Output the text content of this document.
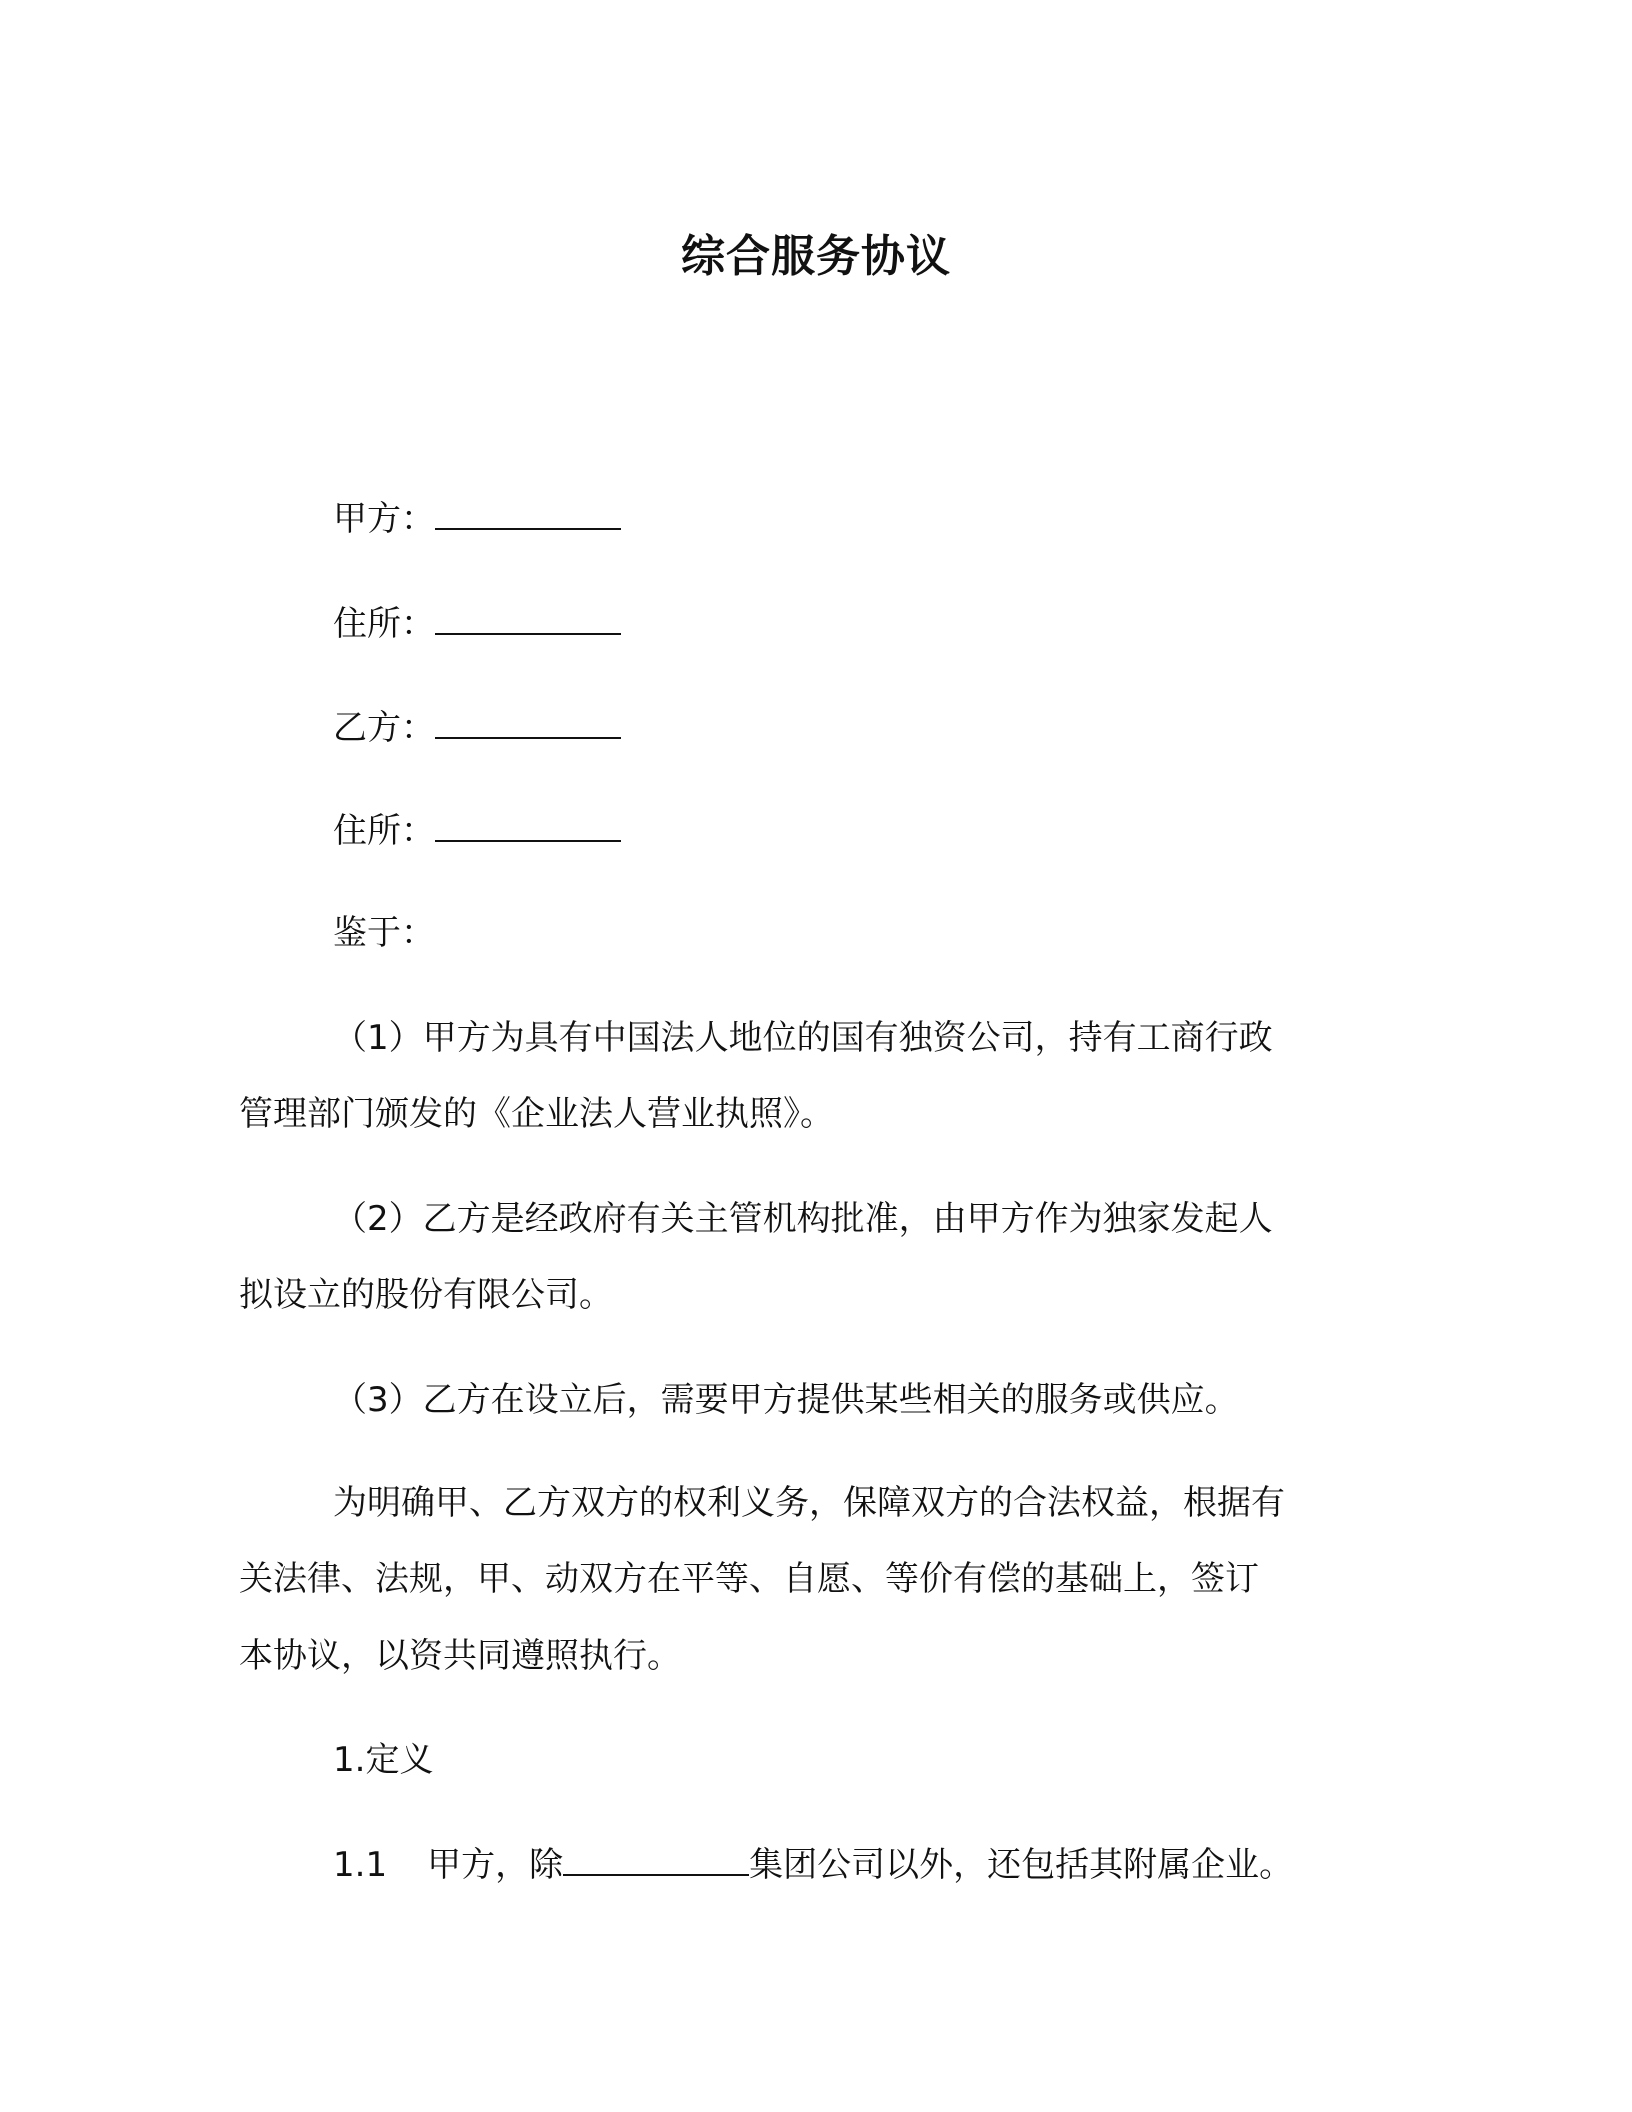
综合服务协议
甲方：
住所：
乙方：
住所：
鉴于：
（1）甲方为具有中国法人地位的国有独资公司，持有工商行政
管理部门颁发的《企业法人营业执照》。
（2）乙方是经政府有关主管机构批准，由甲方作为独家发起人
拟设立的股份有限公司。
（3）乙方在设立后，需要甲方提供某些相关的服务或供应。
为明确甲、乙方双方的权利义务，保障双方的合法权益，根据有
关法律、法规，甲、动双方在平等、自愿、等价有偿的基础上，签订
本协议，以资共同遵照执行。
1.定义
1.1 甲方，除	集团公司以外，还包括其附属企业。
